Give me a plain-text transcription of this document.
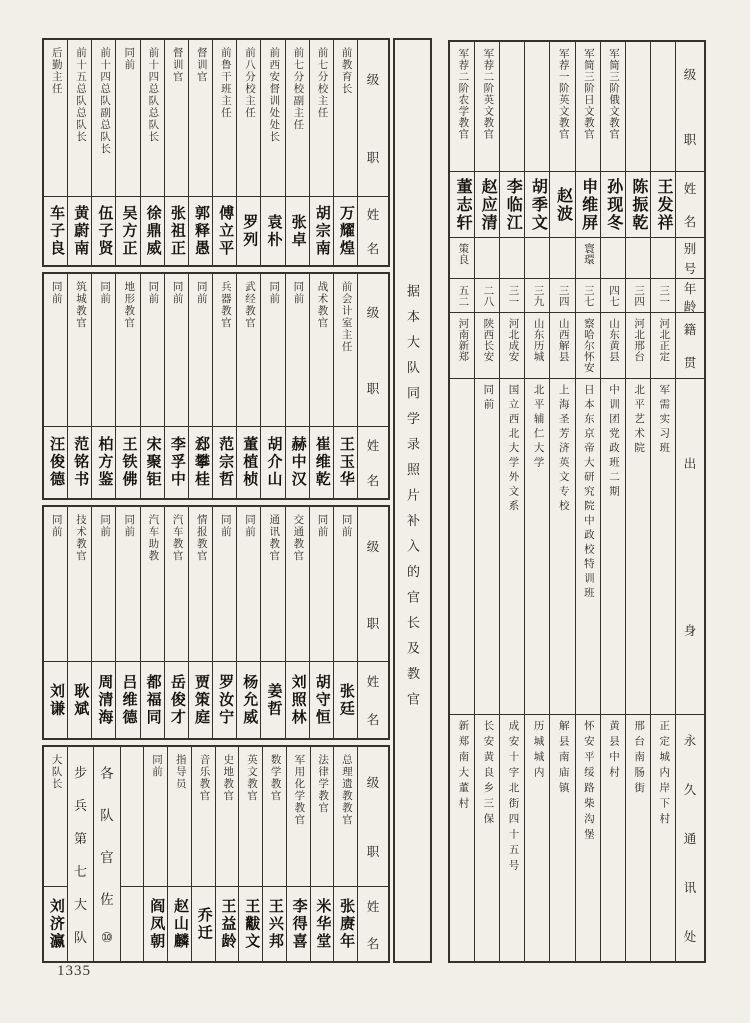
据本大队同学录照片补入的官长及教官
1335
级
职
姓
名
前教育长
万耀煌
前七分校主任
胡宗南
前七分校副主任
张卓
前西安督训处处长
袁朴
前八分校主任
罗列
前鲁干班主任
傅立平
督训官
郭释愚
督训官
张祖正
前十四总队总队长
徐鼎威
同前
吴方正
前十四总队副总队长
伍子贤
前十五总队总队长
黄蔚南
后勤主任
车子良
级
职
姓
名
前会计室主任
王玉华
战术教官
崔维乾
同前
赫中汉
同前
胡介山
武经教官
董植桢
兵器教官
范宗哲
同前
郄攀桂
同前
李孚中
同前
宋聚钜
地形教官
王铁佛
同前
柏方鉴
筑城教官
范铭书
同前
汪俊德
级
职
姓
名
同前
张廷
同前
胡守恒
交通教官
刘照林
通讯教官
姜哲
同前
杨允威
同前
罗汝宁
情报教官
贾策庭
汽车教官
岳俊才
汽车助教
都福同
同前
吕维德
同前
周清海
技术教官
耿斌
同前
刘谦
级
职
姓
名
总理遗教教官
张赓年
法律学教官
米华堂
军用化学教官
李得喜
数学教官
王兴邦
英文教官
王黻文
史地教官
王益龄
音乐教官
乔迁
指导员
赵山麟
同前
阎凤朝
各
队
官
佐
⑩
步
兵
第
七
大
队
大队长
刘济瀛
级
职
姓
名
别
号
年
龄
籍
贯
出
身
永
久
通
讯
处
王发祥
三一
河北正定
军需实习班
正定城内岸下村
陈振乾
三四
河北邢台
北平艺术院
邢台南肠街
军简三阶俄文教官
孙现冬
四七
山东黄县
中训团党政班二期
黄县中村
军简三阶日文教官
申维屏
寰環
三七
察哈尔怀安
日本东京帝大研究院中政校特训班
怀安平绥路柴沟堡
军荐一阶英文教官
赵波
三四
山西解县
上海圣芳济英文专校
解县南庙镇
胡季文
三九
山东历城
北平辅仁大学
历城城内
李临江
三一
河北成安
国立西北大学外文系
成安十字北街四十五号
军荐二阶英文教官
赵应清
二八
陕西长安
同前
长安黄良乡三保
军荐二阶农学教官
董志轩
策良
五二
河南新郑
新郑南大董村
